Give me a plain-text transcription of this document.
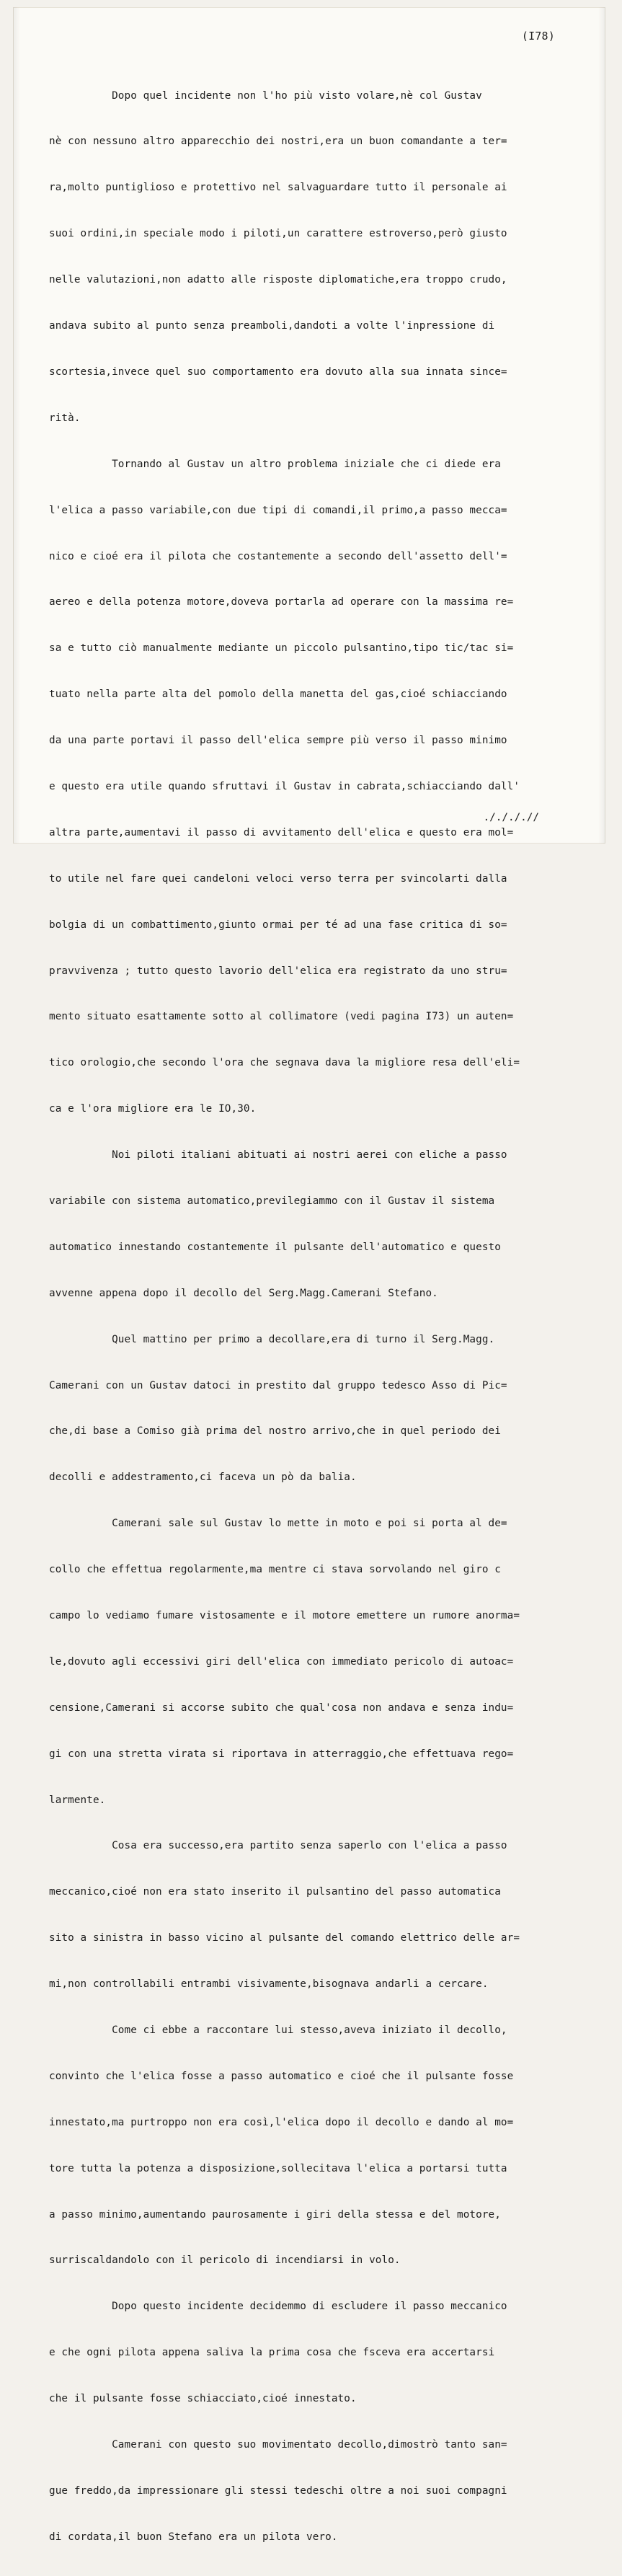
(I78)

Dopo quel incidente non l'ho più visto volare,nè col Gustav

nè con nessuno altro apparecchio dei nostri,era un buon comandante a ter=

ra,molto puntiglioso e protettivo nel salvaguardare tutto il personale ai

suoi ordini,in speciale modo i piloti,un carattere estroverso,però giusto

nelle valutazioni,non adatto alle risposte diplomatiche,era troppo crudo,

andava subito al punto senza preamboli,dandoti a volte l'inpressione di

scortesia,invece quel suo comportamento era dovuto alla sua innata since=

rità.

Tornando al Gustav un altro problema iniziale che ci diede era

l'elica a passo variabile,con due tipi di comandi,il primo,a passo mecca=

nico e cioé era il pilota che costantemente a secondo dell'assetto dell'=

aereo e della potenza motore,doveva portarla ad operare con la massima re=

sa e tutto ciò manualmente mediante un piccolo pulsantino,tipo tic/tac si=

tuato nella parte alta del pomolo della manetta del gas,cioé schiacciando

da una parte portavi il passo dell'elica sempre più verso il passo minimo

e questo era utile quando sfruttavi il Gustav in cabrata,schiacciando dall'

altra parte,aumentavi il passo di avvitamento dell'elica e questo era mol=

to utile nel fare quei candeloni veloci verso terra per svincolarti dalla

bolgia di un combattimento,giunto ormai per té ad una fase critica di so=

pravvivenza ; tutto questo lavorio dell'elica era registrato da uno stru=

mento situato esattamente sotto al collimatore (vedi pagina I73) un auten=

tico orologio,che secondo l'ora che segnava dava la migliore resa dell'eli=

ca e l'ora migliore era le IO,30.

Noi piloti italiani abituati ai nostri aerei con eliche a passo

variabile con sistema automatico,previlegiammo con il Gustav il sistema

automatico innestando costantemente il pulsante dell'automatico e questo

avvenne appena dopo il decollo del Serg.Magg.Camerani Stefano.

Quel mattino per primo a decollare,era di turno il Serg.Magg.

Camerani con un Gustav datoci in prestito dal gruppo tedesco Asso di Pic=

che,di base a Comiso già prima del nostro arrivo,che in quel periodo dei

decolli e addestramento,ci faceva un pò da balia.

Camerani sale sul Gustav lo mette in moto e poi si porta al de=

collo che effettua regolarmente,ma mentre ci stava sorvolando nel giro c

campo lo vediamo fumare vistosamente e il motore emettere un rumore anorma=

le,dovuto agli eccessivi giri dell'elica con immediato pericolo di autoac=

censione,Camerani si accorse subito che qual'cosa non andava e senza indu=

gi con una stretta virata si riportava in atterraggio,che effettuava rego=

larmente.

Cosa era successo,era partito senza saperlo con l'elica a passo

meccanico,cioé non era stato inserito il pulsantino del passo automatica

sito a sinistra in basso vicino al pulsante del comando elettrico delle ar=

mi,non controllabili entrambi visivamente,bisognava andarli a cercare.

Come ci ebbe a raccontare lui stesso,aveva iniziato il decollo,

convinto che l'elica fosse a passo automatico e cioé che il pulsante fosse

innestato,ma purtroppo non era così,l'elica dopo il decollo e dando al mo=

tore tutta la potenza a disposizione,sollecitava l'elica a portarsi tutta

a passo minimo,aumentando paurosamente i giri della stessa e del motore,

surriscaldandolo con il pericolo di incendiarsi in volo.

Dopo questo incidente decidemmo di escludere il passo meccanico

e che ogni pilota appena saliva la prima cosa che fsceva era accertarsi

che il pulsante fosse schiacciato,cioé innestato.

Camerani con questo suo movimentato decollo,dimostrò tanto san=

gue freddo,da impressionare gli stessi tedeschi oltre a noi suoi compagni

di cordata,il buon Stefano era un pilota vero.

././././/
